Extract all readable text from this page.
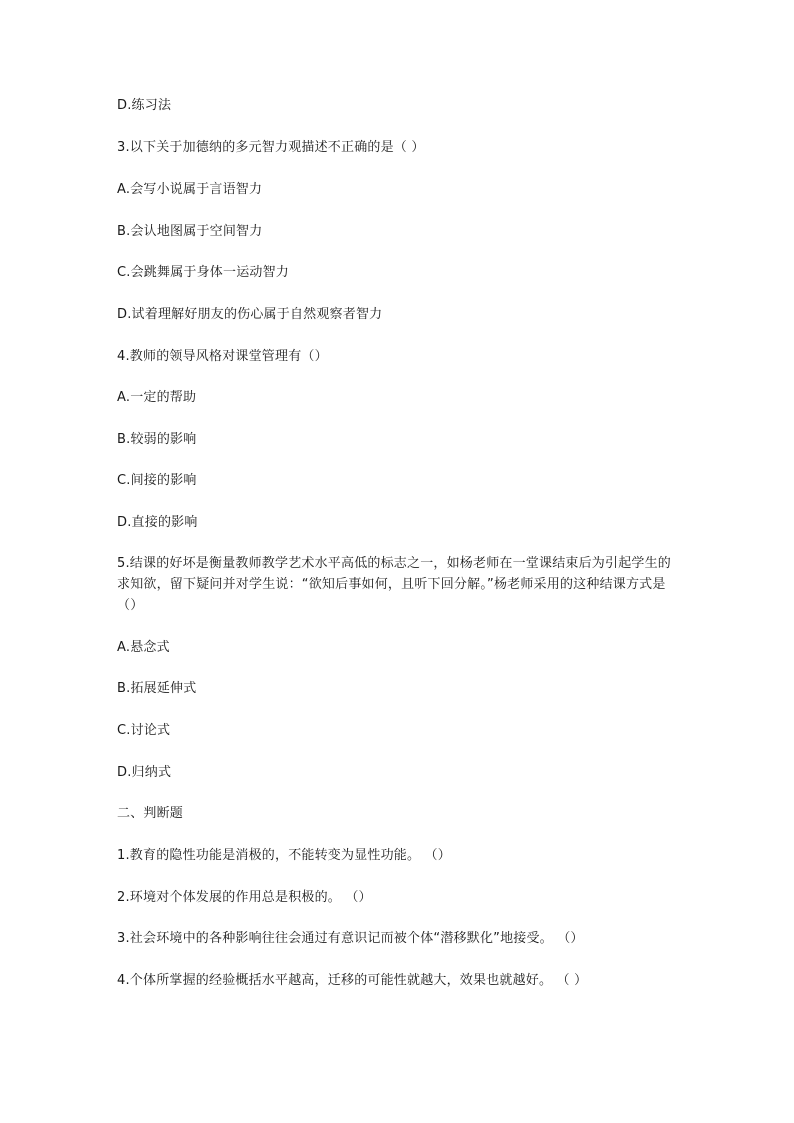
D.练习法
3.以下关于加德纳的多元智力观描述不正确的是（ ）
A.会写小说属于言语智力
B.会认地图属于空间智力
C.会跳舞属于身体一运动智力
D.试着理解好朋友的伤心属于自然观察者智力
4.教师的领导风格对课堂管理有（）
A.一定的帮助
B.较弱的影响
C.间接的影响
D.直接的影响
5.结课的好坏是衡量教师教学艺术水平高低的标志之一，如杨老师在一堂课结束后为引起学生的求知欲，留下疑问并对学生说：“欲知后事如何，且听下回分解。”杨老师采用的这种结课方式是（）
A.悬念式
B.拓展延伸式
C.讨论式
D.归纳式
二、判断题
1.教育的隐性功能是消极的，不能转变为显性功能。 （）
2.环境对个体发展的作用总是积极的。 （）
3.社会环境中的各种影响往往会通过有意识记而被个体“潜移默化”地接受。 （）
4.个体所掌握的经验概括水平越高，迁移的可能性就越大，效果也就越好。 （ ）
